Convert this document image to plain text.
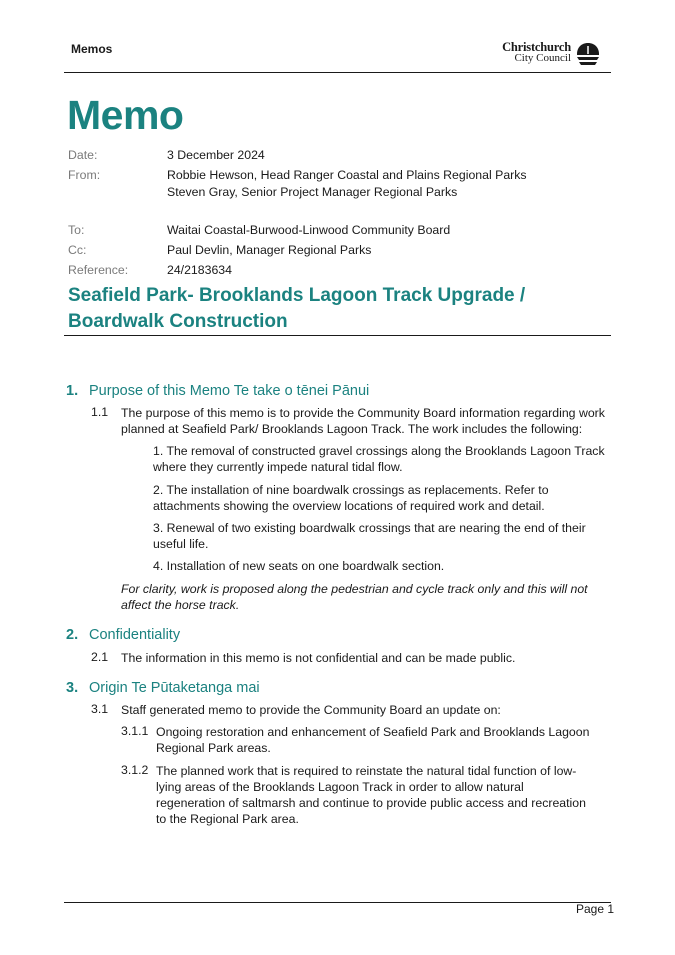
Memos	Christchurch
City Council
Memo
Date:	3 December 2024
From:	Robbie Hewson, Head Ranger Coastal and Plains Regional Parks
Steven Gray, Senior Project Manager Regional Parks
To:	Waitai Coastal-Burwood-Linwood Community Board
Cc:	Paul Devlin, Manager Regional Parks
Reference:	24/2183634
Seafield Park- Brooklands Lagoon Track Upgrade / Boardwalk Construction
1. Purpose of this Memo Te take o tēnei Pānui
1.1 The purpose of this memo is to provide the Community Board information regarding work planned at Seafield Park/ Brooklands Lagoon Track. The work includes the following:
1. The removal of constructed gravel crossings along the Brooklands Lagoon Track where they currently impede natural tidal flow.
2. The installation of nine boardwalk crossings as replacements. Refer to attachments showing the overview locations of required work and detail.
3. Renewal of two existing boardwalk crossings that are nearing the end of their useful life.
4. Installation of new seats on one boardwalk section.
For clarity, work is proposed along the pedestrian and cycle track only and this will not affect the horse track.
2. Confidentiality
2.1 The information in this memo is not confidential and can be made public.
3. Origin Te Pūtaketanga mai
3.1 Staff generated memo to provide the Community Board an update on:
3.1.1 Ongoing restoration and enhancement of Seafield Park and Brooklands Lagoon Regional Park areas.
3.1.2 The planned work that is required to reinstate the natural tidal function of low-lying areas of the Brooklands Lagoon Track in order to allow natural regeneration of saltmarsh and continue to provide public access and recreation to the Regional Park area.
Page 1
